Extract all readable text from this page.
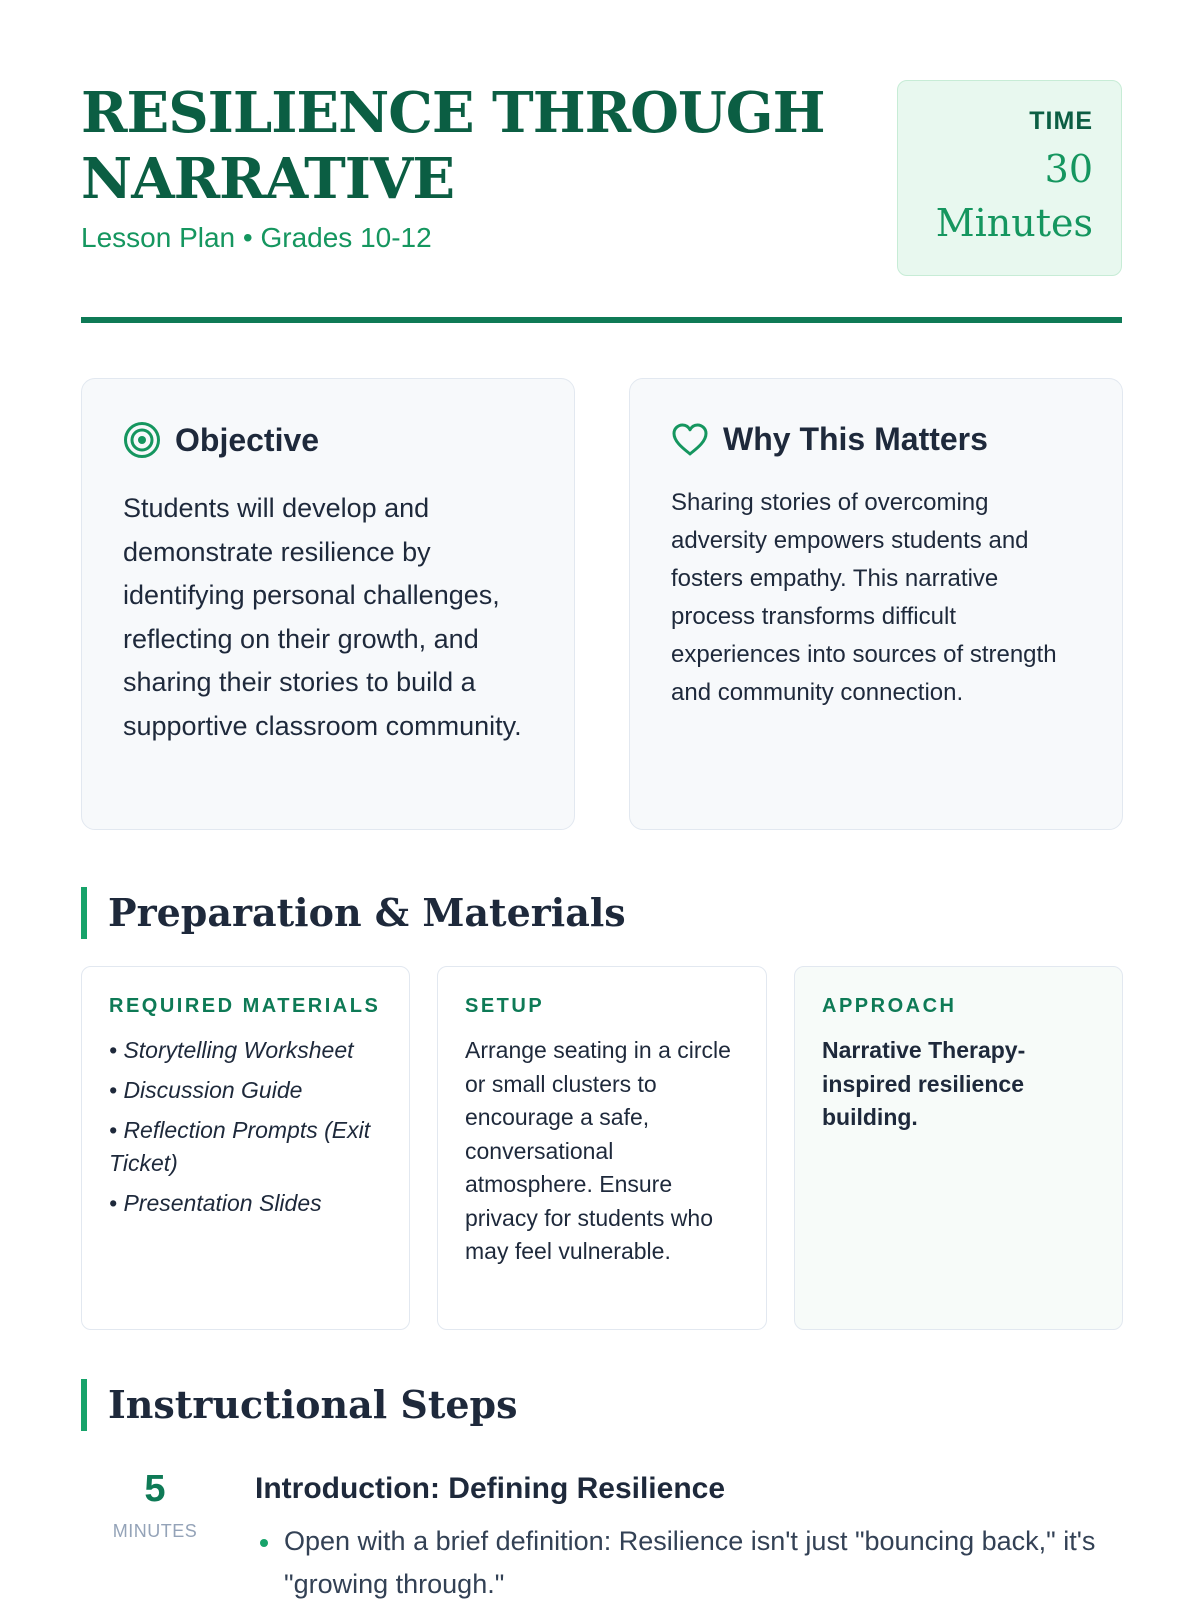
RESILIENCE THROUGH NARRATIVE
Lesson Plan • Grades 10-12
TIME
30 Minutes
Objective

Students will develop and demonstrate resilience by identifying personal challenges, reflecting on their growth, and sharing their stories to build a supportive classroom community.

Why This Matters

Sharing stories of overcoming adversity empowers students and fosters empathy. This narrative process transforms difficult experiences into sources of strength and community connection.

Preparation & Materials
REQUIRED MATERIALS
• Storytelling Worksheet
• Discussion Guide
• Reflection Prompts (Exit Ticket)
• Presentation Slides
SETUP

Arrange seating in a circle or small clusters to encourage a safe, conversational atmosphere. Ensure privacy for students who may feel vulnerable.

APPROACH

Narrative Therapy-inspired resilience building.

Instructional Steps
5
MINUTES
Introduction: Defining Resilience
Open with a brief definition: Resilience isn't just "bouncing back," it's "growing through."
